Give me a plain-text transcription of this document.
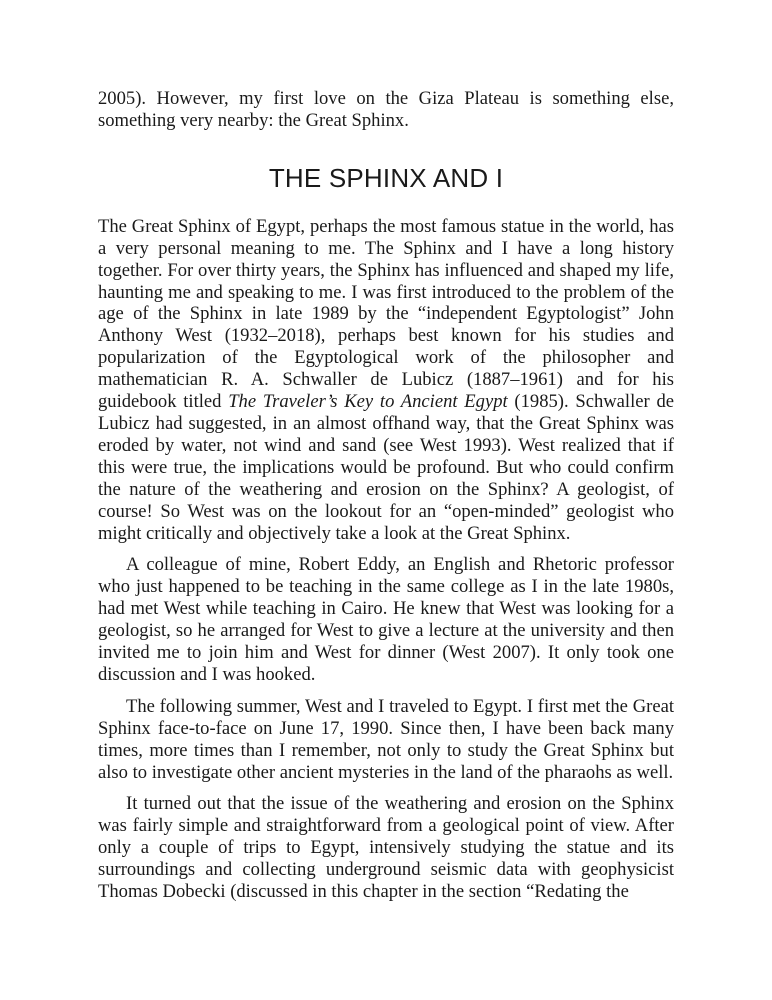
2005). However, my first love on the Giza Plateau is something else, something very nearby: the Great Sphinx.

THE SPHINX AND I

The Great Sphinx of Egypt, perhaps the most famous statue in the world, has a very personal meaning to me. The Sphinx and I have a long history together. For over thirty years, the Sphinx has influenced and shaped my life, haunting me and speaking to me. I was first introduced to the problem of the age of the Sphinx in late 1989 by the “independent Egyptologist” John Anthony West (1932–2018), perhaps best known for his studies and popularization of the Egyptological work of the philosopher and mathematician R. A. Schwaller de Lubicz (1887–1961) and for his guidebook titled The Traveler’s Key to Ancient Egypt (1985). Schwaller de Lubicz had suggested, in an almost offhand way, that the Great Sphinx was eroded by water, not wind and sand (see West 1993). West realized that if this were true, the implications would be profound. But who could confirm the nature of the weathering and erosion on the Sphinx? A geologist, of course! So West was on the lookout for an “open-minded” geologist who might critically and objectively take a look at the Great Sphinx.

A colleague of mine, Robert Eddy, an English and Rhetoric professor who just happened to be teaching in the same college as I in the late 1980s, had met West while teaching in Cairo. He knew that West was looking for a geologist, so he arranged for West to give a lecture at the university and then invited me to join him and West for dinner (West 2007). It only took one discussion and I was hooked.

The following summer, West and I traveled to Egypt. I first met the Great Sphinx face-to-face on June 17, 1990. Since then, I have been back many times, more times than I remember, not only to study the Great Sphinx but also to investigate other ancient mysteries in the land of the pharaohs as well.

It turned out that the issue of the weathering and erosion on the Sphinx was fairly simple and straightforward from a geological point of view. After only a couple of trips to Egypt, intensively studying the statue and its surroundings and collecting underground seismic data with geophysicist Thomas Dobecki (discussed in this chapter in the section “Redating the
